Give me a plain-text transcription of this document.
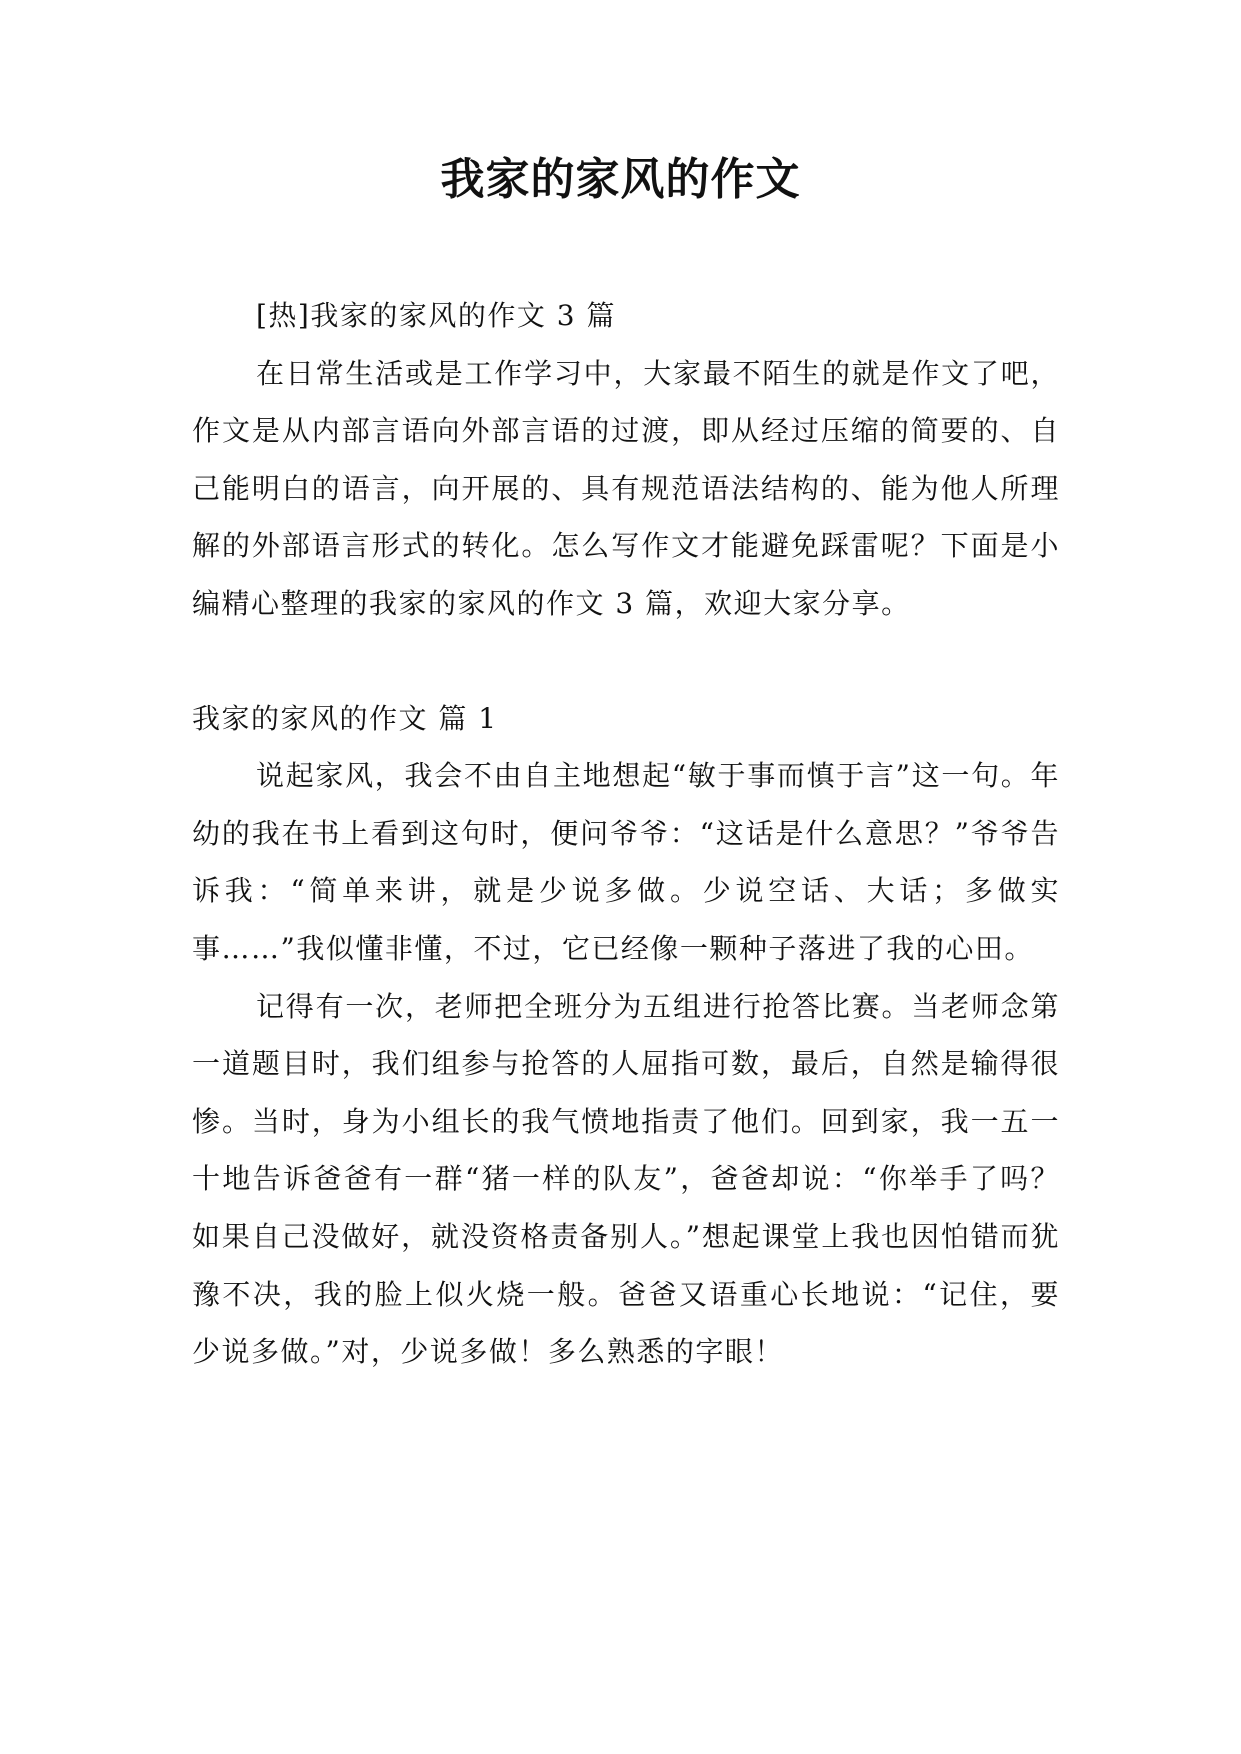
我家的家风的作文

[热]我家的家风的作文 3 篇

在日常生活或是工作学习中，大家最不陌生的就是作文了吧，作文是从内部言语向外部言语的过渡，即从经过压缩的简要的、自己能明白的语言，向开展的、具有规范语法结构的、能为他人所理解的外部语言形式的转化。怎么写作文才能避免踩雷呢？下面是小编精心整理的我家的家风的作文 3 篇，欢迎大家分享。

我家的家风的作文 篇 1

说起家风，我会不由自主地想起“敏于事而慎于言”这一句。年幼的我在书上看到这句时，便问爷爷：“这话是什么意思？”爷爷告诉我：“简单来讲，就是少说多做。少说空话、大话；多做实事……”我似懂非懂，不过，它已经像一颗种子落进了我的心田。

记得有一次，老师把全班分为五组进行抢答比赛。当老师念第一道题目时，我们组参与抢答的人屈指可数，最后，自然是输得很惨。当时，身为小组长的我气愤地指责了他们。回到家，我一五一十地告诉爸爸有一群“猪一样的队友”，爸爸却说：“你举手了吗？如果自己没做好，就没资格责备别人。”想起课堂上我也因怕错而犹豫不决，我的脸上似火烧一般。爸爸又语重心长地说：“记住，要少说多做。”对，少说多做！多么熟悉的字眼！
